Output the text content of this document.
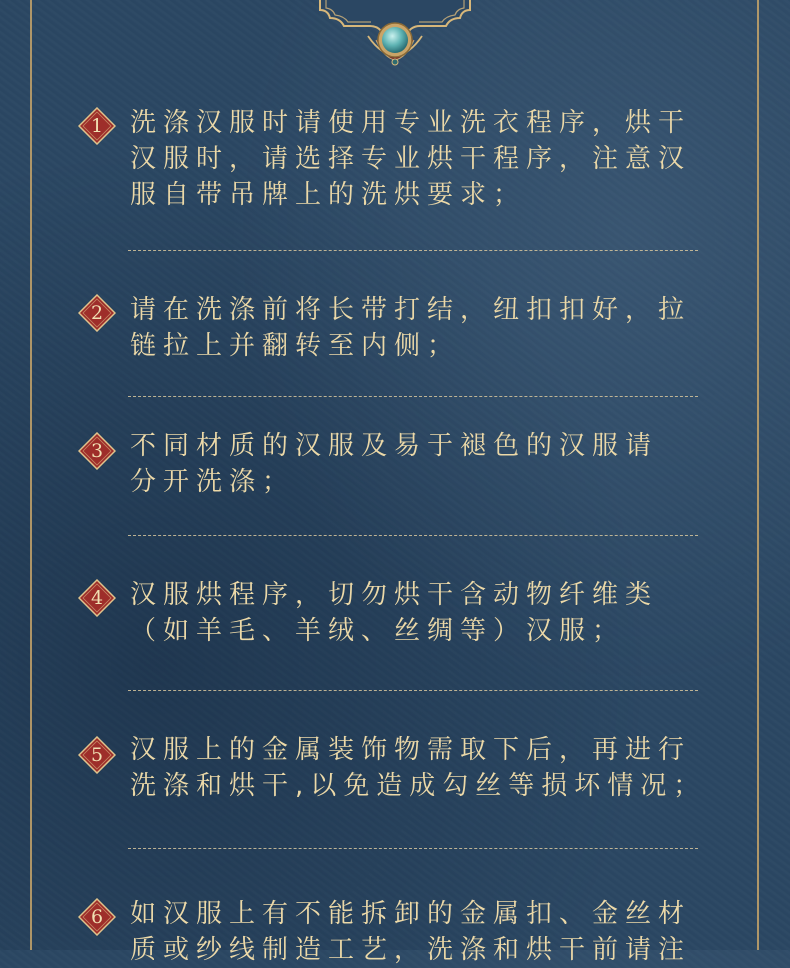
1	洗涤汉服时请使用专业洗衣程序，烘干
汉服时，请选择专业烘干程序，注意汉
服自带吊牌上的洗烘要求；
2	请在洗涤前将长带打结，纽扣扣好，拉
链拉上并翻转至内侧；
3	不同材质的汉服及易于褪色的汉服请
分开洗涤；
4	汉服烘程序，切勿烘干含动物纤维类
（如羊毛、羊绒、丝绸等）汉服；
5	汉服上的金属装饰物需取下后，再进行
洗涤和烘干,以免造成勾丝等损坏情况；
6	如汉服上有不能拆卸的金属扣、金丝材
质或纱线制造工艺，洗涤和烘干前请注
